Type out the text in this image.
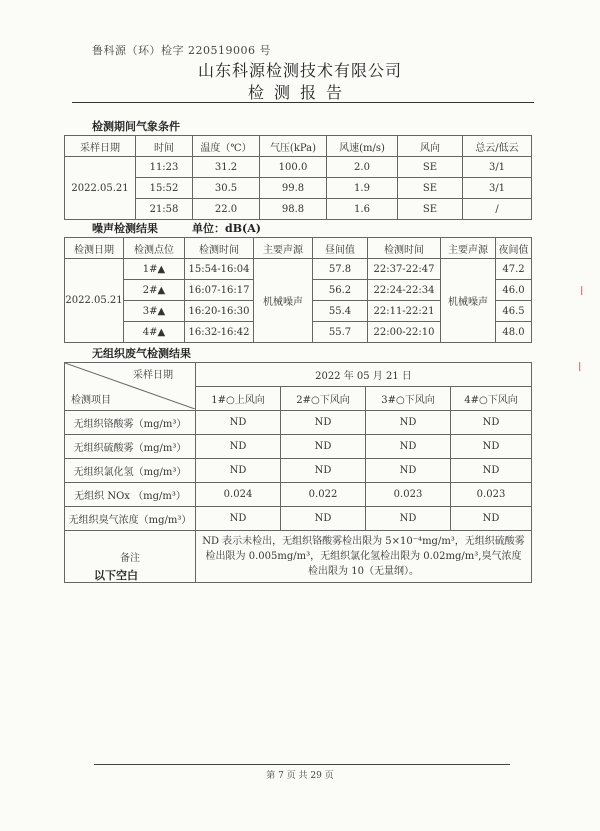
鲁科源（环）检字 220519006 号
山东科源检测技术有限公司
检测报告
检测期间气象条件
采样日期	时间	温度（℃）	气压(kPa)	风速(m/s)	风向	总云/低云
2022.05.21	11:23	31.2	100.0	2.0	SE	3/1
	15:52	30.5	99.8	1.9	SE	3/1
	21:58	22.0	98.8	1.6	SE	/
噪声检测结果	单位：dB(A)
检测日期	检测点位	检测时间	主要声源	昼间值	检测时间	主要声源	夜间值
2022.05.21	1#▲	15:54-16:04	机械噪声	57.8	22:37-22:47	机械噪声	47.2
	2#▲	16:07-16:17		56.2	22:24-22:34		46.0
	3#▲	16:20-16:30		55.4	22:11-22:21		46.5
	4#▲	16:32-16:42		55.7	22:00-22:10		48.0
无组织废气检测结果
采样日期
检测项目	2022 年 05 月 21 日			
	1#○上风向	2#○下风向	3#○下风向	4#○下风向
无组织铬酸雾（mg/m³）	ND	ND	ND	ND
无组织硫酸雾（mg/m³）	ND	ND	ND	ND
无组织氯化氢（mg/m³）	ND	ND	ND	ND
无组织 NOx （mg/m³）	0.024	0.022	0.023	0.023
无组织臭气浓度（mg/m³）	ND	ND	ND	ND
备注	ND 表示未检出，无组织铬酸雾检出限为 5×10⁻⁴mg/m³，无组织硫酸雾检出限为 0.005mg/m³，无组织氯化氢检出限为 0.02mg/m³,臭气浓度检出限为 10（无量纲）。			
以下空白
❘
❘
第 7 页 共 29 页
